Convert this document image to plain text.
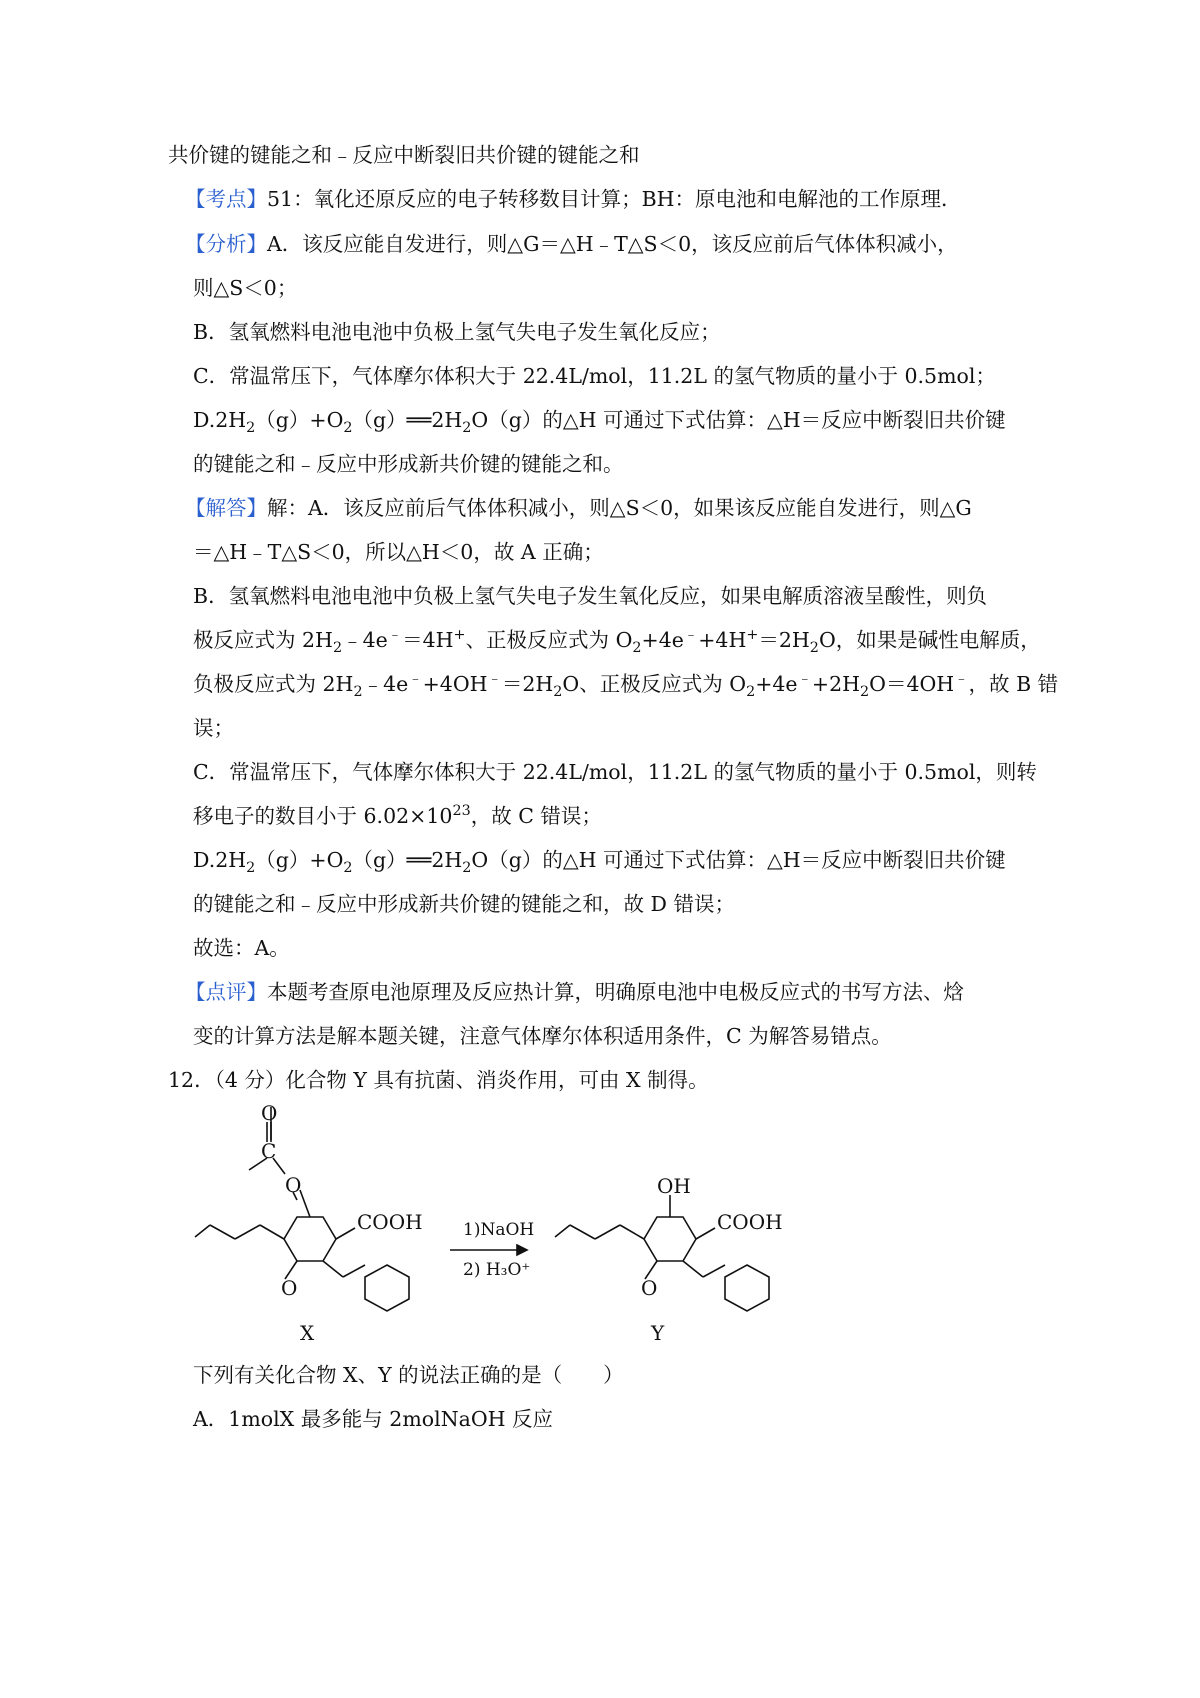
共价键的键能之和﹣反应中断裂旧共价键的键能之和
【考点】51：氧化还原反应的电子转移数目计算；BH：原电池和电解池的工作原理．
【分析】A．该反应能自发进行，则△G＝△H﹣T△S＜0，该反应前后气体体积减小，
则△S＜0；
B．氢氧燃料电池电池中负极上氢气失电子发生氧化反应；
C．常温常压下，气体摩尔体积大于 22.4L/mol，11.2L 的氢气物质的量小于 0.5mol；
$D.2H_2(g)+O_2(g)══2H_2O(g)$的△H 可通过下式估算：△H＝反应中断裂旧共价键
的键能之和﹣反应中形成新共价键的键能之和。
【解答】解：A．该反应前后气体体积减小，则△S＜0，如果该反应能自发进行，则△G
＝△H﹣T△S＜0，所以△H＜0，故 A 正确；
B．氢氧燃料电池电池中负极上氢气失电子发生氧化反应，如果电解质溶液呈酸性，则负
极反应式为 $2H_2﹣4e^﹣=4H^+$、正极反应式为 $O_2+4e^﹣+4H^+=2H_2O$，如果是碱性电解质，
负极反应式为 $2H_2﹣4e^﹣+4OH^﹣=2H_2O$、正极反应式为 $O_2+4e^﹣+2H_2O=4OH^﹣$，故 B 错
误；
C．常温常压下，气体摩尔体积大于 22.4L/mol，11.2L 的氢气物质的量小于 0.5mol，则转
移电子的数目小于 $6.02\times 10^{23}$，故 C 错误；
$D.2H_2(g)+O_2(g)══2H_2O(g)$的△H 可通过下式估算：△H＝反应中断裂旧共价键
的键能之和﹣反应中形成新共价键的键能之和，故 D 错误；
故选：A。
【点评】本题考查原电池原理及反应热计算，明确原电池中电极反应式的书写方法、焓
变的计算方法是解本题关键，注意气体摩尔体积适用条件，C 为解答易错点。
12．（4 分）化合物 Y 具有抗菌、消炎作用，可由 X 制得。
COOH
O
1)NaOH
2) H₃O⁺
OH
COOH
O
X	Y
O
C
O
下列有关化合物 X、Y 的说法正确的是（　　）
A．1molX 最多能与 2molNaOH 反应
